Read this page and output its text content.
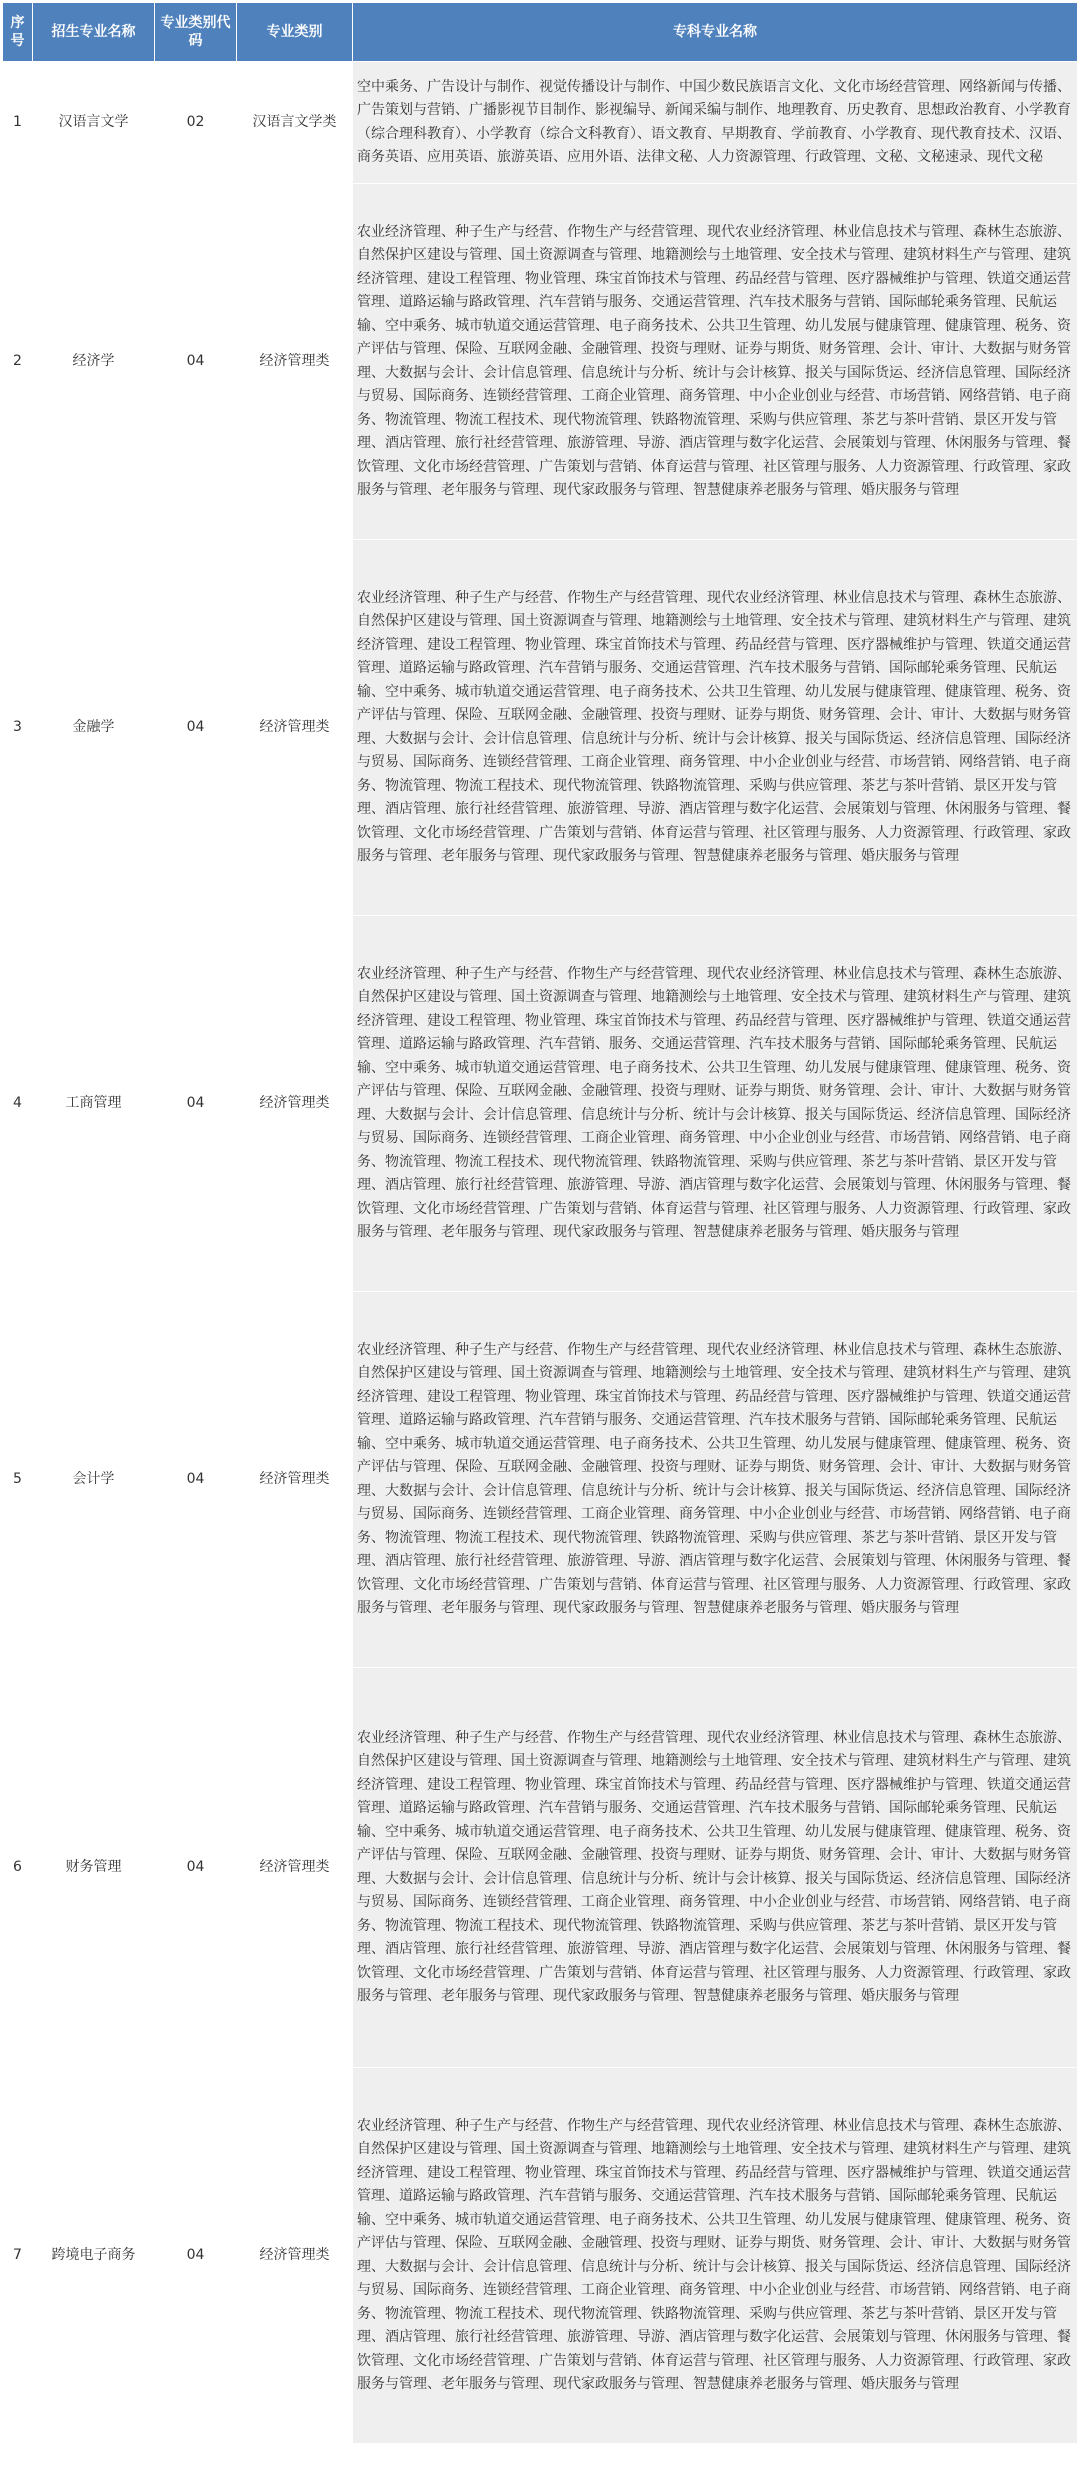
序号	招生专业名称	专业类别代码	专业类别	专科专业名称
1	汉语言文学	02	汉语言文学类	空中乘务、广告设计与制作、视觉传播设计与制作、中国少数民族语言文化、文化市场经营管理、网络新闻与传播、广告策划与营销、广播影视节目制作、影视编导、新闻采编与制作、地理教育、历史教育、思想政治教育、小学教育（综合理科教育）、小学教育（综合文科教育）、语文教育、早期教育、学前教育、小学教育、现代教育技术、汉语、商务英语、应用英语、旅游英语、应用外语、法律文秘、人力资源管理、行政管理、文秘、文秘速录、现代文秘
2	经济学	04	经济管理类	农业经济管理、种子生产与经营、作物生产与经营管理、现代农业经济管理、林业信息技术与管理、森林生态旅游、自然保护区建设与管理、国土资源调查与管理、地籍测绘与土地管理、安全技术与管理、建筑材料生产与管理、建筑经济管理、建设工程管理、物业管理、珠宝首饰技术与管理、药品经营与管理、医疗器械维护与管理、铁道交通运营管理、道路运输与路政管理、汽车营销与服务、交通运营管理、汽车技术服务与营销、国际邮轮乘务管理、民航运输、空中乘务、城市轨道交通运营管理、电子商务技术、公共卫生管理、幼儿发展与健康管理、健康管理、税务、资产评估与管理、保险、互联网金融、金融管理、投资与理财、证券与期货、财务管理、会计、审计、大数据与财务管理、大数据与会计、会计信息管理、信息统计与分析、统计与会计核算、报关与国际货运、经济信息管理、国际经济与贸易、国际商务、连锁经营管理、工商企业管理、商务管理、中小企业创业与经营、市场营销、网络营销、电子商务、物流管理、物流工程技术、现代物流管理、铁路物流管理、采购与供应管理、茶艺与茶叶营销、景区开发与管理、酒店管理、旅行社经营管理、旅游管理、导游、酒店管理与数字化运营、会展策划与管理、休闲服务与管理、餐饮管理、文化市场经营管理、广告策划与营销、体育运营与管理、社区管理与服务、人力资源管理、行政管理、家政服务与管理、老年服务与管理、现代家政服务与管理、智慧健康养老服务与管理、婚庆服务与管理
3	金融学	04	经济管理类	农业经济管理、种子生产与经营、作物生产与经营管理、现代农业经济管理、林业信息技术与管理、森林生态旅游、自然保护区建设与管理、国土资源调查与管理、地籍测绘与土地管理、安全技术与管理、建筑材料生产与管理、建筑经济管理、建设工程管理、物业管理、珠宝首饰技术与管理、药品经营与管理、医疗器械维护与管理、铁道交通运营管理、道路运输与路政管理、汽车营销与服务、交通运营管理、汽车技术服务与营销、国际邮轮乘务管理、民航运输、空中乘务、城市轨道交通运营管理、电子商务技术、公共卫生管理、幼儿发展与健康管理、健康管理、税务、资产评估与管理、保险、互联网金融、金融管理、投资与理财、证券与期货、财务管理、会计、审计、大数据与财务管理、大数据与会计、会计信息管理、信息统计与分析、统计与会计核算、报关与国际货运、经济信息管理、国际经济与贸易、国际商务、连锁经营管理、工商企业管理、商务管理、中小企业创业与经营、市场营销、网络营销、电子商务、物流管理、物流工程技术、现代物流管理、铁路物流管理、采购与供应管理、茶艺与茶叶营销、景区开发与管理、酒店管理、旅行社经营管理、旅游管理、导游、酒店管理与数字化运营、会展策划与管理、休闲服务与管理、餐饮管理、文化市场经营管理、广告策划与营销、体育运营与管理、社区管理与服务、人力资源管理、行政管理、家政服务与管理、老年服务与管理、现代家政服务与管理、智慧健康养老服务与管理、婚庆服务与管理
4	工商管理	04	经济管理类	农业经济管理、种子生产与经营、作物生产与经营管理、现代农业经济管理、林业信息技术与管理、森林生态旅游、自然保护区建设与管理、国土资源调查与管理、地籍测绘与土地管理、安全技术与管理、建筑材料生产与管理、建筑经济管理、建设工程管理、物业管理、珠宝首饰技术与管理、药品经营与管理、医疗器械维护与管理、铁道交通运营管理、道路运输与路政管理、汽车营销、服务、交通运营管理、汽车技术服务与营销、国际邮轮乘务管理、民航运输、空中乘务、城市轨道交通运营管理、电子商务技术、公共卫生管理、幼儿发展与健康管理、健康管理、税务、资产评估与管理、保险、互联网金融、金融管理、投资与理财、证券与期货、财务管理、会计、审计、大数据与财务管理、大数据与会计、会计信息管理、信息统计与分析、统计与会计核算、报关与国际货运、经济信息管理、国际经济与贸易、国际商务、连锁经营管理、工商企业管理、商务管理、中小企业创业与经营、市场营销、网络营销、电子商务、物流管理、物流工程技术、现代物流管理、铁路物流管理、采购与供应管理、茶艺与茶叶营销、景区开发与管理、酒店管理、旅行社经营管理、旅游管理、导游、酒店管理与数字化运营、会展策划与管理、休闲服务与管理、餐饮管理、文化市场经营管理、广告策划与营销、体育运营与管理、社区管理与服务、人力资源管理、行政管理、家政服务与管理、老年服务与管理、现代家政服务与管理、智慧健康养老服务与管理、婚庆服务与管理
5	会计学	04	经济管理类	农业经济管理、种子生产与经营、作物生产与经营管理、现代农业经济管理、林业信息技术与管理、森林生态旅游、自然保护区建设与管理、国土资源调查与管理、地籍测绘与土地管理、安全技术与管理、建筑材料生产与管理、建筑经济管理、建设工程管理、物业管理、珠宝首饰技术与管理、药品经营与管理、医疗器械维护与管理、铁道交通运营管理、道路运输与路政管理、汽车营销与服务、交通运营管理、汽车技术服务与营销、国际邮轮乘务管理、民航运输、空中乘务、城市轨道交通运营管理、电子商务技术、公共卫生管理、幼儿发展与健康管理、健康管理、税务、资产评估与管理、保险、互联网金融、金融管理、投资与理财、证券与期货、财务管理、会计、审计、大数据与财务管理、大数据与会计、会计信息管理、信息统计与分析、统计与会计核算、报关与国际货运、经济信息管理、国际经济与贸易、国际商务、连锁经营管理、工商企业管理、商务管理、中小企业创业与经营、市场营销、网络营销、电子商务、物流管理、物流工程技术、现代物流管理、铁路物流管理、采购与供应管理、茶艺与茶叶营销、景区开发与管理、酒店管理、旅行社经营管理、旅游管理、导游、酒店管理与数字化运营、会展策划与管理、休闲服务与管理、餐饮管理、文化市场经营管理、广告策划与营销、体育运营与管理、社区管理与服务、人力资源管理、行政管理、家政服务与管理、老年服务与管理、现代家政服务与管理、智慧健康养老服务与管理、婚庆服务与管理
6	财务管理	04	经济管理类	农业经济管理、种子生产与经营、作物生产与经营管理、现代农业经济管理、林业信息技术与管理、森林生态旅游、自然保护区建设与管理、国土资源调查与管理、地籍测绘与土地管理、安全技术与管理、建筑材料生产与管理、建筑经济管理、建设工程管理、物业管理、珠宝首饰技术与管理、药品经营与管理、医疗器械维护与管理、铁道交通运营管理、道路运输与路政管理、汽车营销与服务、交通运营管理、汽车技术服务与营销、国际邮轮乘务管理、民航运输、空中乘务、城市轨道交通运营管理、电子商务技术、公共卫生管理、幼儿发展与健康管理、健康管理、税务、资产评估与管理、保险、互联网金融、金融管理、投资与理财、证券与期货、财务管理、会计、审计、大数据与财务管理、大数据与会计、会计信息管理、信息统计与分析、统计与会计核算、报关与国际货运、经济信息管理、国际经济与贸易、国际商务、连锁经营管理、工商企业管理、商务管理、中小企业创业与经营、市场营销、网络营销、电子商务、物流管理、物流工程技术、现代物流管理、铁路物流管理、采购与供应管理、茶艺与茶叶营销、景区开发与管理、酒店管理、旅行社经营管理、旅游管理、导游、酒店管理与数字化运营、会展策划与管理、休闲服务与管理、餐饮管理、文化市场经营管理、广告策划与营销、体育运营与管理、社区管理与服务、人力资源管理、行政管理、家政服务与管理、老年服务与管理、现代家政服务与管理、智慧健康养老服务与管理、婚庆服务与管理
7	跨境电子商务	04	经济管理类	农业经济管理、种子生产与经营、作物生产与经营管理、现代农业经济管理、林业信息技术与管理、森林生态旅游、自然保护区建设与管理、国土资源调查与管理、地籍测绘与土地管理、安全技术与管理、建筑材料生产与管理、建筑经济管理、建设工程管理、物业管理、珠宝首饰技术与管理、药品经营与管理、医疗器械维护与管理、铁道交通运营管理、道路运输与路政管理、汽车营销与服务、交通运营管理、汽车技术服务与营销、国际邮轮乘务管理、民航运输、空中乘务、城市轨道交通运营管理、电子商务技术、公共卫生管理、幼儿发展与健康管理、健康管理、税务、资产评估与管理、保险、互联网金融、金融管理、投资与理财、证券与期货、财务管理、会计、审计、大数据与财务管理、大数据与会计、会计信息管理、信息统计与分析、统计与会计核算、报关与国际货运、经济信息管理、国际经济与贸易、国际商务、连锁经营管理、工商企业管理、商务管理、中小企业创业与经营、市场营销、网络营销、电子商务、物流管理、物流工程技术、现代物流管理、铁路物流管理、采购与供应管理、茶艺与茶叶营销、景区开发与管理、酒店管理、旅行社经营管理、旅游管理、导游、酒店管理与数字化运营、会展策划与管理、休闲服务与管理、餐饮管理、文化市场经营管理、广告策划与营销、体育运营与管理、社区管理与服务、人力资源管理、行政管理、家政服务与管理、老年服务与管理、现代家政服务与管理、智慧健康养老服务与管理、婚庆服务与管理
